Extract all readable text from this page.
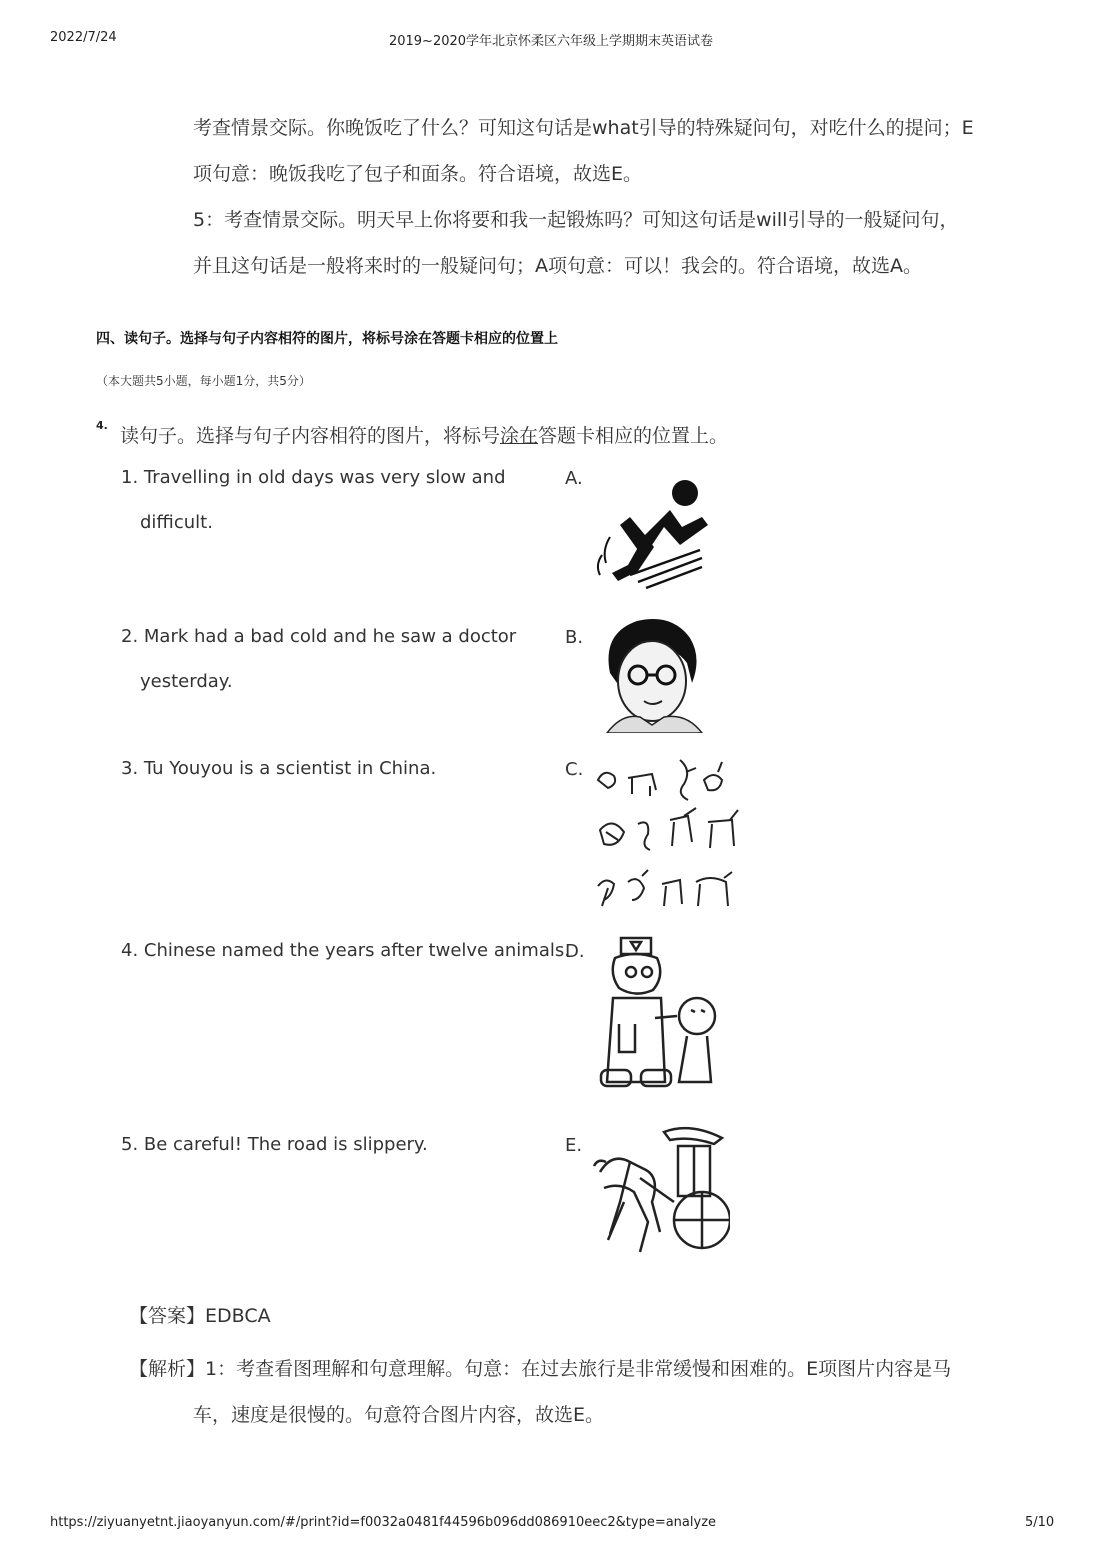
2022/7/24	2019~2020学年北京怀柔区六年级上学期期末英语试卷
考查情景交际。你晚饭吃了什么？可知这句话是what引导的特殊疑问句，对吃什么的提问；E
项句意：晚饭我吃了包子和面条。符合语境，故选E。
5：考查情景交际。明天早上你将要和我一起锻炼吗？可知这句话是will引导的一般疑问句，
并且这句话是一般将来时的一般疑问句；A项句意：可以！我会的。符合语境，故选A。
四、读句子。选择与句子内容相符的图片，将标号涂在答题卡相应的位置上
（本大题共5小题，每小题1分，共5分）
4. 读句子。选择与句子内容相符的图片，将标号涂在答题卡相应的位置上。
1. Travelling in old days was very slow and
difficult.
2. Mark had a bad cold and he saw a doctor
yesterday.
3. Tu Youyou is a scientist in China.
4. Chinese named the years after twelve animals.
5. Be careful! The road is slippery.
A.
B.
C.
D.
E.
【答案】EDBCA
【解析】1：考查看图理解和句意理解。句意：在过去旅行是非常缓慢和困难的。E项图片内容是马
车，速度是很慢的。句意符合图片内容，故选E。
https://ziyuanyetnt.jiaoyanyun.com/#/print?id=f0032a0481f44596b096dd086910eec2&type=analyze	5/10
